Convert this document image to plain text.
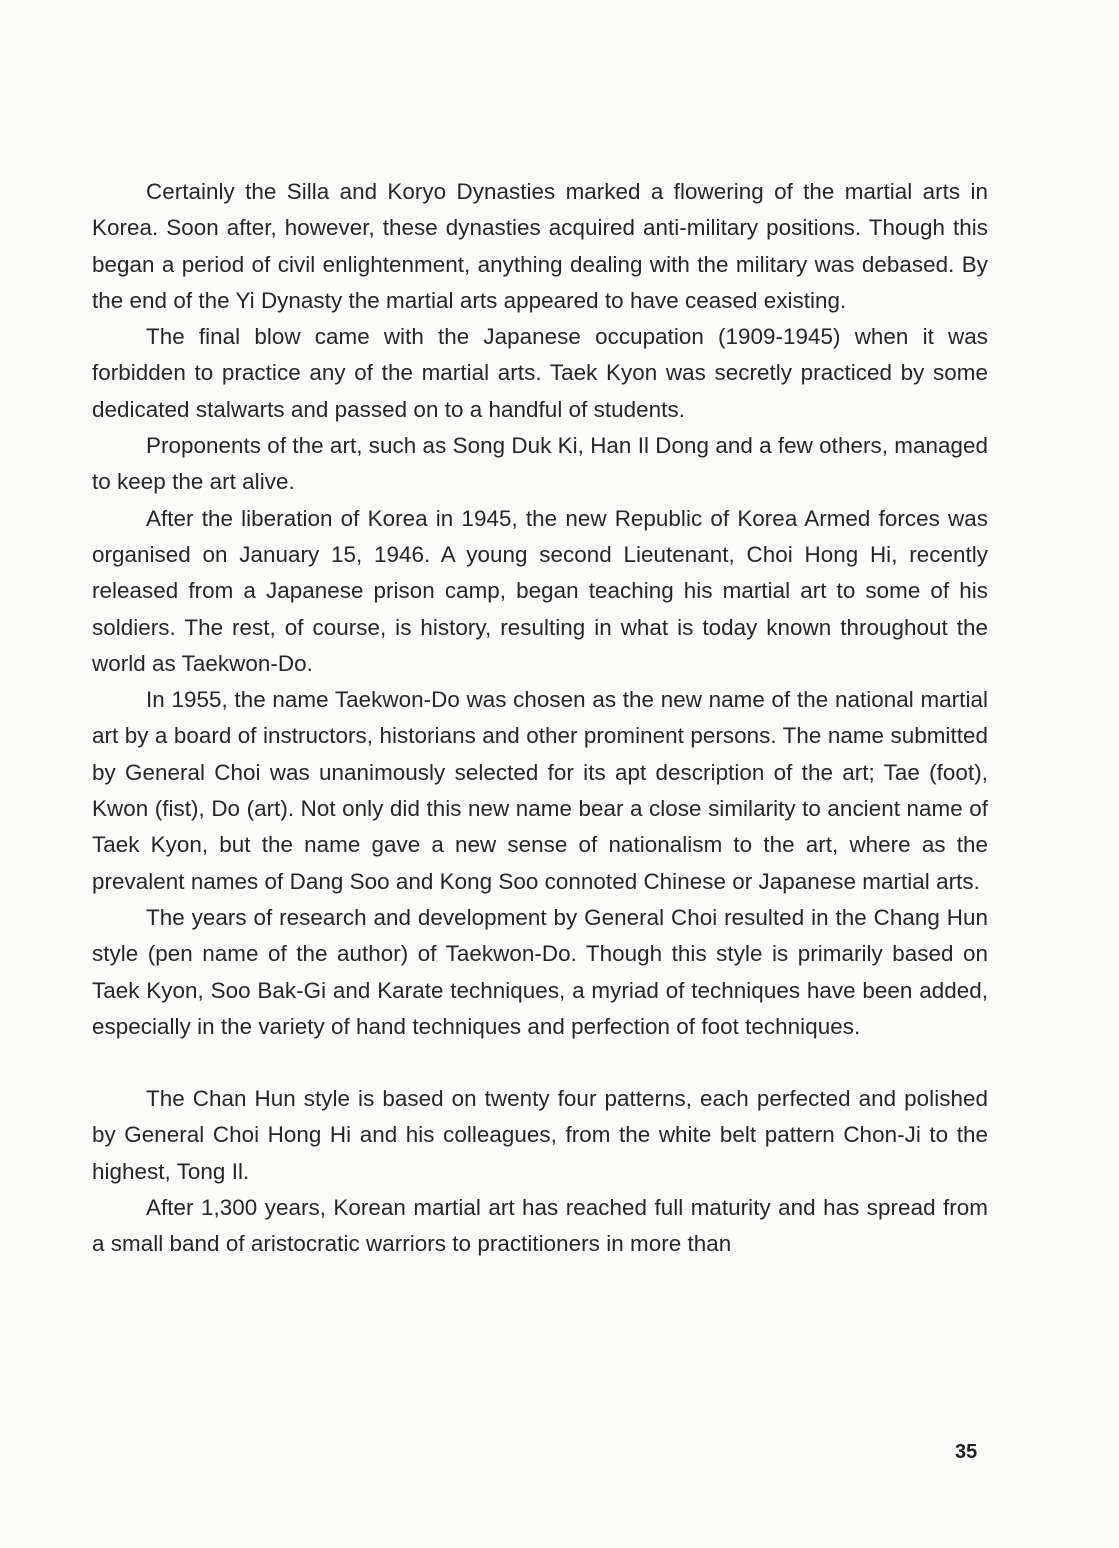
Certainly the Silla and Koryo Dynasties marked a flowering of the martial arts in Korea. Soon after, however, these dynasties acquired anti-military positions. Though this began a period of civil enlightenment, anything dealing with the military was debased. By the end of the Yi Dynasty the martial arts appeared to have ceased existing.

The final blow came with the Japanese occupation (1909-1945) when it was forbidden to practice any of the martial arts. Taek Kyon was secretly practiced by some dedicated stalwarts and passed on to a handful of students.

Proponents of the art, such as Song Duk Ki, Han Il Dong and a few others, managed to keep the art alive.

After the liberation of Korea in 1945, the new Republic of Korea Armed forces was organised on January 15, 1946. A young second Lieutenant, Choi Hong Hi, recently released from a Japanese prison camp, began teaching his martial art to some of his soldiers. The rest, of course, is history, resulting in what is today known throughout the world as Taekwon-Do.

In 1955, the name Taekwon-Do was chosen as the new name of the national martial art by a board of instructors, historians and other prominent persons. The name submitted by General Choi was unanimously selected for its apt description of the art; Tae (foot), Kwon (fist), Do (art). Not only did this new name bear a close similarity to ancient name of Taek Kyon, but the name gave a new sense of nationalism to the art, where as the prevalent names of Dang Soo and Kong Soo connoted Chinese or Japanese martial arts.

The years of research and development by General Choi resulted in the Chang Hun style (pen name of the author) of Taekwon-Do. Though this style is primarily based on Taek Kyon, Soo Bak-Gi and Karate techniques, a myriad of techniques have been added, especially in the variety of hand techniques and perfection of foot techniques.

The Chan Hun style is based on twenty four patterns, each perfected and polished by General Choi Hong Hi and his colleagues, from the white belt pattern Chon-Ji to the highest, Tong Il.

After 1,300 years, Korean martial art has reached full maturity and has spread from a small band of aristocratic warriors to practitioners in more than

35
